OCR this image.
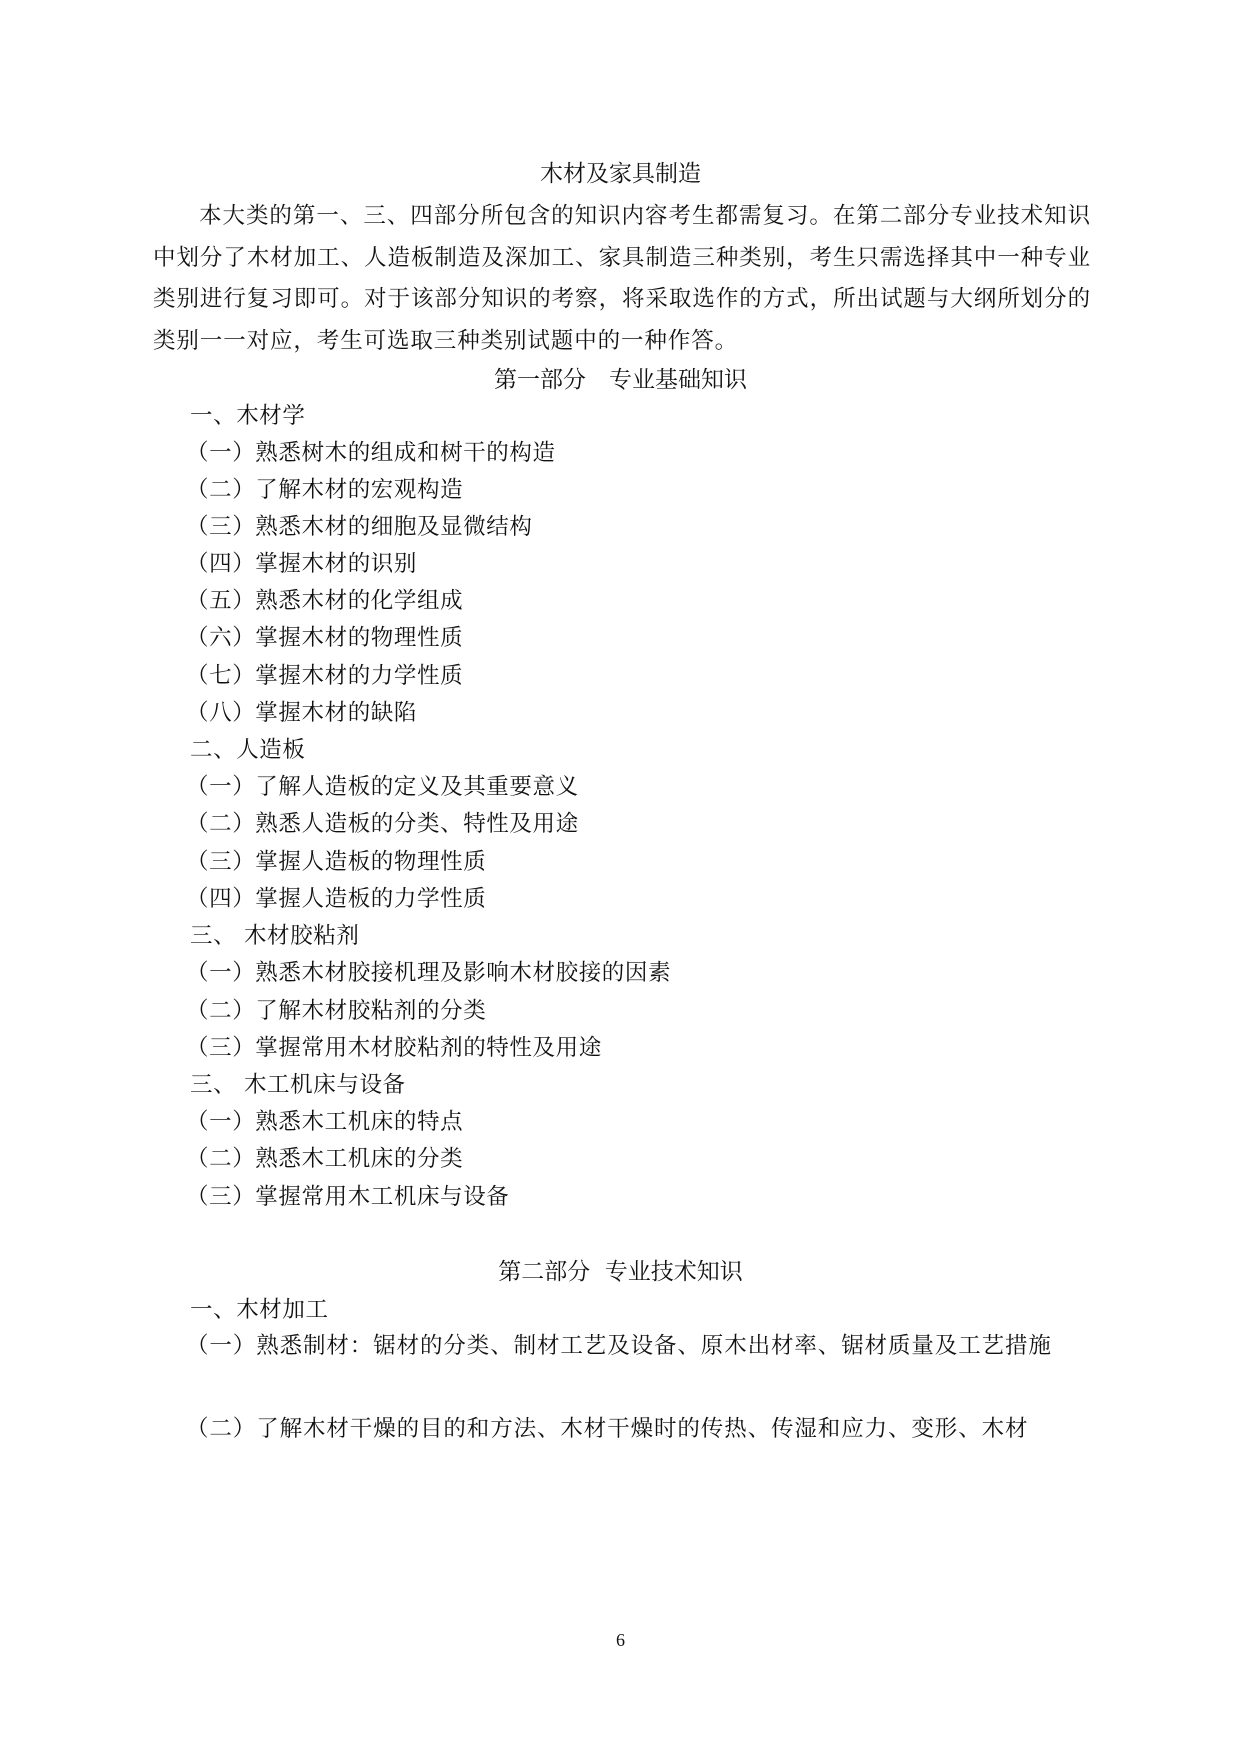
木材及家具制造

本大类的第一、三、四部分所包含的知识内容考生都需复习。在第二部分专业技术知识中划分了木材加工、人造板制造及深加工、家具制造三种类别，考生只需选择其中一种专业类别进行复习即可。对于该部分知识的考察，将采取选作的方式，所出试题与大纲所划分的类别一一对应，考生可选取三种类别试题中的一种作答。

第一部分　专业基础知识

一、木材学

（一）熟悉树木的组成和树干的构造

（二）了解木材的宏观构造

（三）熟悉木材的细胞及显微结构

（四）掌握木材的识别

（五）熟悉木材的化学组成

（六）掌握木材的物理性质

（七）掌握木材的力学性质

（八）掌握木材的缺陷

二、人造板

（一）了解人造板的定义及其重要意义

（二）熟悉人造板的分类、特性及用途

（三）掌握人造板的物理性质

（四）掌握人造板的力学性质

三、 木材胶粘剂

（一）熟悉木材胶接机理及影响木材胶接的因素

（二）了解木材胶粘剂的分类

（三）掌握常用木材胶粘剂的特性及用途

三、 木工机床与设备

（一）熟悉木工机床的特点

（二）熟悉木工机床的分类

（三）掌握常用木工机床与设备

第二部分  专业技术知识

一、木材加工

（一）熟悉制材：锯材的分类、制材工艺及设备、原木出材率、锯材质量及工艺措施

（二）了解木材干燥的目的和方法、木材干燥时的传热、传湿和应力、变形、木材

6
